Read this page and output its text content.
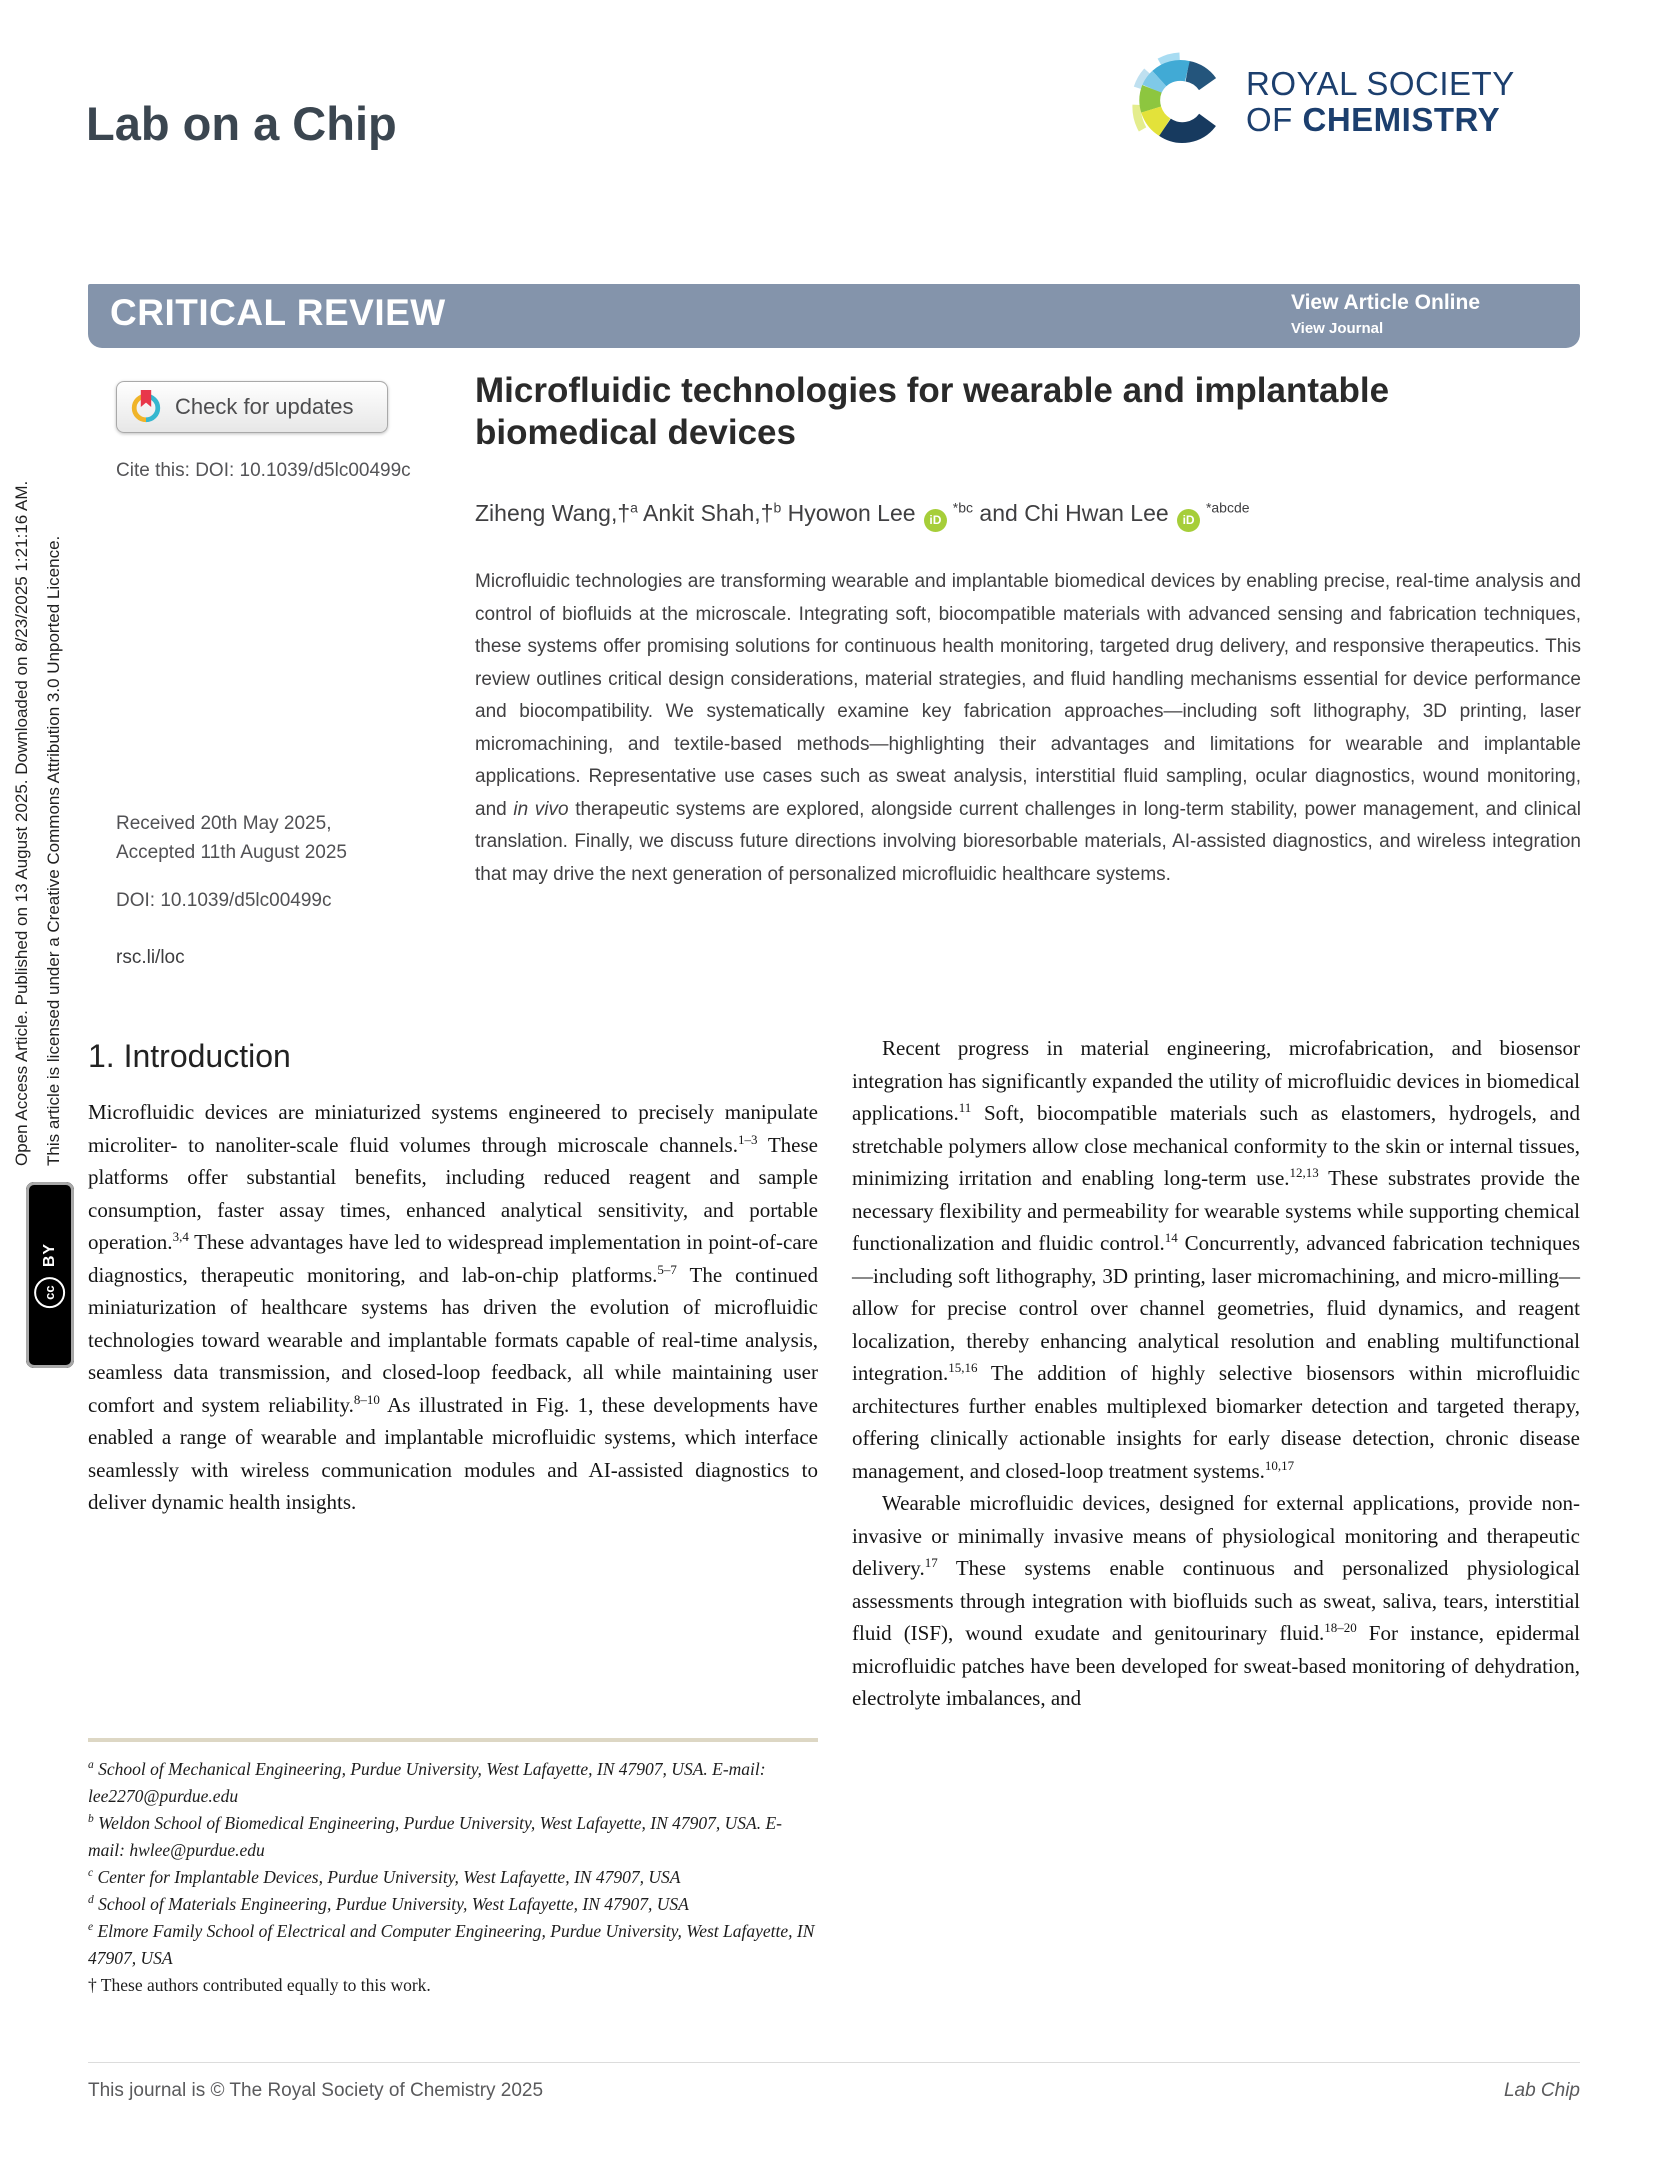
Open Access Article. Published on 13 August 2025. Downloaded on 8/23/2025 1:21:16 AM. This article is licensed under a Creative Commons Attribution 3.0 Unported Licence.
cc
BY
Lab on a Chip
ROYAL SOCIETY
OF CHEMISTRY
CRITICAL REVIEW	View Article Online
View Journal
Check for updates
Cite this: DOI: 10.1039/d5lc00499c
Received 20th May 2025,
Accepted 11th August 2025
DOI: 10.1039/d5lc00499c
rsc.li/loc
Microfluidic technologies for wearable and implantable biomedical devices
Ziheng Wang,†$^a$ Ankit Shah,†$^b$ Hyowon Lee iD $^{*bc}$ and Chi Hwan Lee iD $^{*abcde}$
Microfluidic technologies are transforming wearable and implantable biomedical devices by enabling precise, real-time analysis and control of biofluids at the microscale. Integrating soft, biocompatible materials with advanced sensing and fabrication techniques, these systems offer promising solutions for continuous health monitoring, targeted drug delivery, and responsive therapeutics. This review outlines critical design considerations, material strategies, and fluid handling mechanisms essential for device performance and biocompatibility. We systematically examine key fabrication approaches—including soft lithography, 3D printing, laser micromachining, and textile-based methods—highlighting their advantages and limitations for wearable and implantable applications. Representative use cases such as sweat analysis, interstitial fluid sampling, ocular diagnostics, wound monitoring, and in vivo therapeutic systems are explored, alongside current challenges in long-term stability, power management, and clinical translation. Finally, we discuss future directions involving bioresorbable materials, AI-assisted diagnostics, and wireless integration that may drive the next generation of personalized microfluidic healthcare systems.
1. Introduction

Microfluidic devices are miniaturized systems engineered to precisely manipulate microliter- to nanoliter-scale fluid volumes through microscale channels.$^{1-3}$ These platforms offer substantial benefits, including reduced reagent and sample consumption, faster assay times, enhanced analytical sensitivity, and portable operation.$^{3,4}$ These advantages have led to widespread implementation in point-of-care diagnostics, therapeutic monitoring, and lab-on-chip platforms.$^{5-7}$ The continued miniaturization of healthcare systems has driven the evolution of microfluidic technologies toward wearable and implantable formats capable of real-time analysis, seamless data transmission, and closed-loop feedback, all while maintaining user comfort and system reliability.$^{8-10}$ As illustrated in Fig. 1, these developments have enabled a range of wearable and implantable microfluidic systems, which interface seamlessly with wireless communication modules and AI-assisted diagnostics to deliver dynamic health insights.

Recent progress in material engineering, microfabrication, and biosensor integration has significantly expanded the utility of microfluidic devices in biomedical applications.$^{11}$ Soft, biocompatible materials such as elastomers, hydrogels, and stretchable polymers allow close mechanical conformity to the skin or internal tissues, minimizing irritation and enabling long-term use.$^{12,13}$ These substrates provide the necessary flexibility and permeability for wearable systems while supporting chemical functionalization and fluidic control.$^{14}$ Concurrently, advanced fabrication techniques—including soft lithography, 3D printing, laser micromachining, and micro-milling—allow for precise control over channel geometries, fluid dynamics, and reagent localization, thereby enhancing analytical resolution and enabling multifunctional integration.$^{15,16}$ The addition of highly selective biosensors within microfluidic architectures further enables multiplexed biomarker detection and targeted therapy, offering clinically actionable insights for early disease detection, chronic disease management, and closed-loop treatment systems.$^{10,17}$

Wearable microfluidic devices, designed for external applications, provide non-invasive or minimally invasive means of physiological monitoring and therapeutic delivery.$^{17}$ These systems enable continuous and personalized physiological assessments through integration with biofluids such as sweat, saliva, tears, interstitial fluid (ISF), wound exudate and genitourinary fluid.$^{18-20}$ For instance, epidermal microfluidic patches have been developed for sweat-based monitoring of dehydration, electrolyte imbalances, and

$^a$ School of Mechanical Engineering, Purdue University, West Lafayette, IN 47907, USA. E-mail: lee2270@purdue.edu

$^b$ Weldon School of Biomedical Engineering, Purdue University, West Lafayette, IN 47907, USA. E-mail: hwlee@purdue.edu

$^c$ Center for Implantable Devices, Purdue University, West Lafayette, IN 47907, USA

$^d$ School of Materials Engineering, Purdue University, West Lafayette, IN 47907, USA

$^e$ Elmore Family School of Electrical and Computer Engineering, Purdue University, West Lafayette, IN 47907, USA

† These authors contributed equally to this work.

This journal is © The Royal Society of Chemistry 2025	Lab Chip
